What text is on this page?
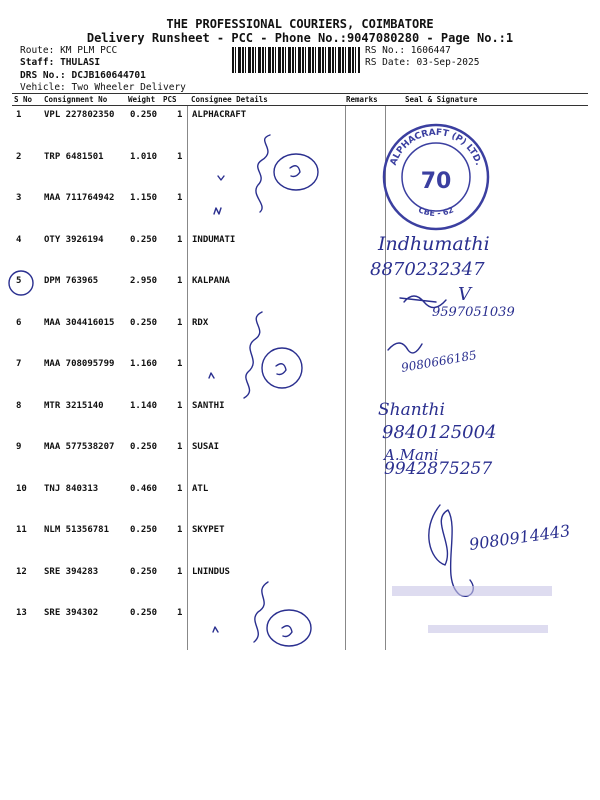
THE PROFESSIONAL COURIERS, COIMBATORE
Delivery Runsheet - PCC - Phone No.:9047080280 - Page No.:1
Route: KM PLM PCC
Staff: THULASI
DRS No.: DCJB160644701
Vehicle: Two Wheeler Delivery
RS No.: 1606447
RS Date: 03-Sep-2025
S No Consignment No	Weight PCS Consignee Details	Remarks	Seal & Signature
1	VPL 227802350 0.250 1 ALPHACRAFT
2	TRP 6481501	1.010 1
3	MAA 711764942 1.150 1
4	OTY 3926194	0.250 1 INDUMATI
5	DPM 763965	2.950 1 KALPANA
6	MAA 304416015 0.250 1 RDX
7	MAA 708095799 1.160 1
8	MTR 3215140	1.140 1 SANTHI
9	MAA 577538207 0.250 1 SUSAI
10 TNJ 840313	0.460 1 ATL
11 NLM 51356781 0.250 1 SKYPET
12 SRE 394283	0.250 1 LNINDUS
13 SRE 394302	0.250 1
ALPHACRAFT (P) LTD.
CBE - 62
70
Indhumathi
8870232347
V
9597051039
9080666185
Shanthi
9840125004
A.Mani
9942875257
9080914443
